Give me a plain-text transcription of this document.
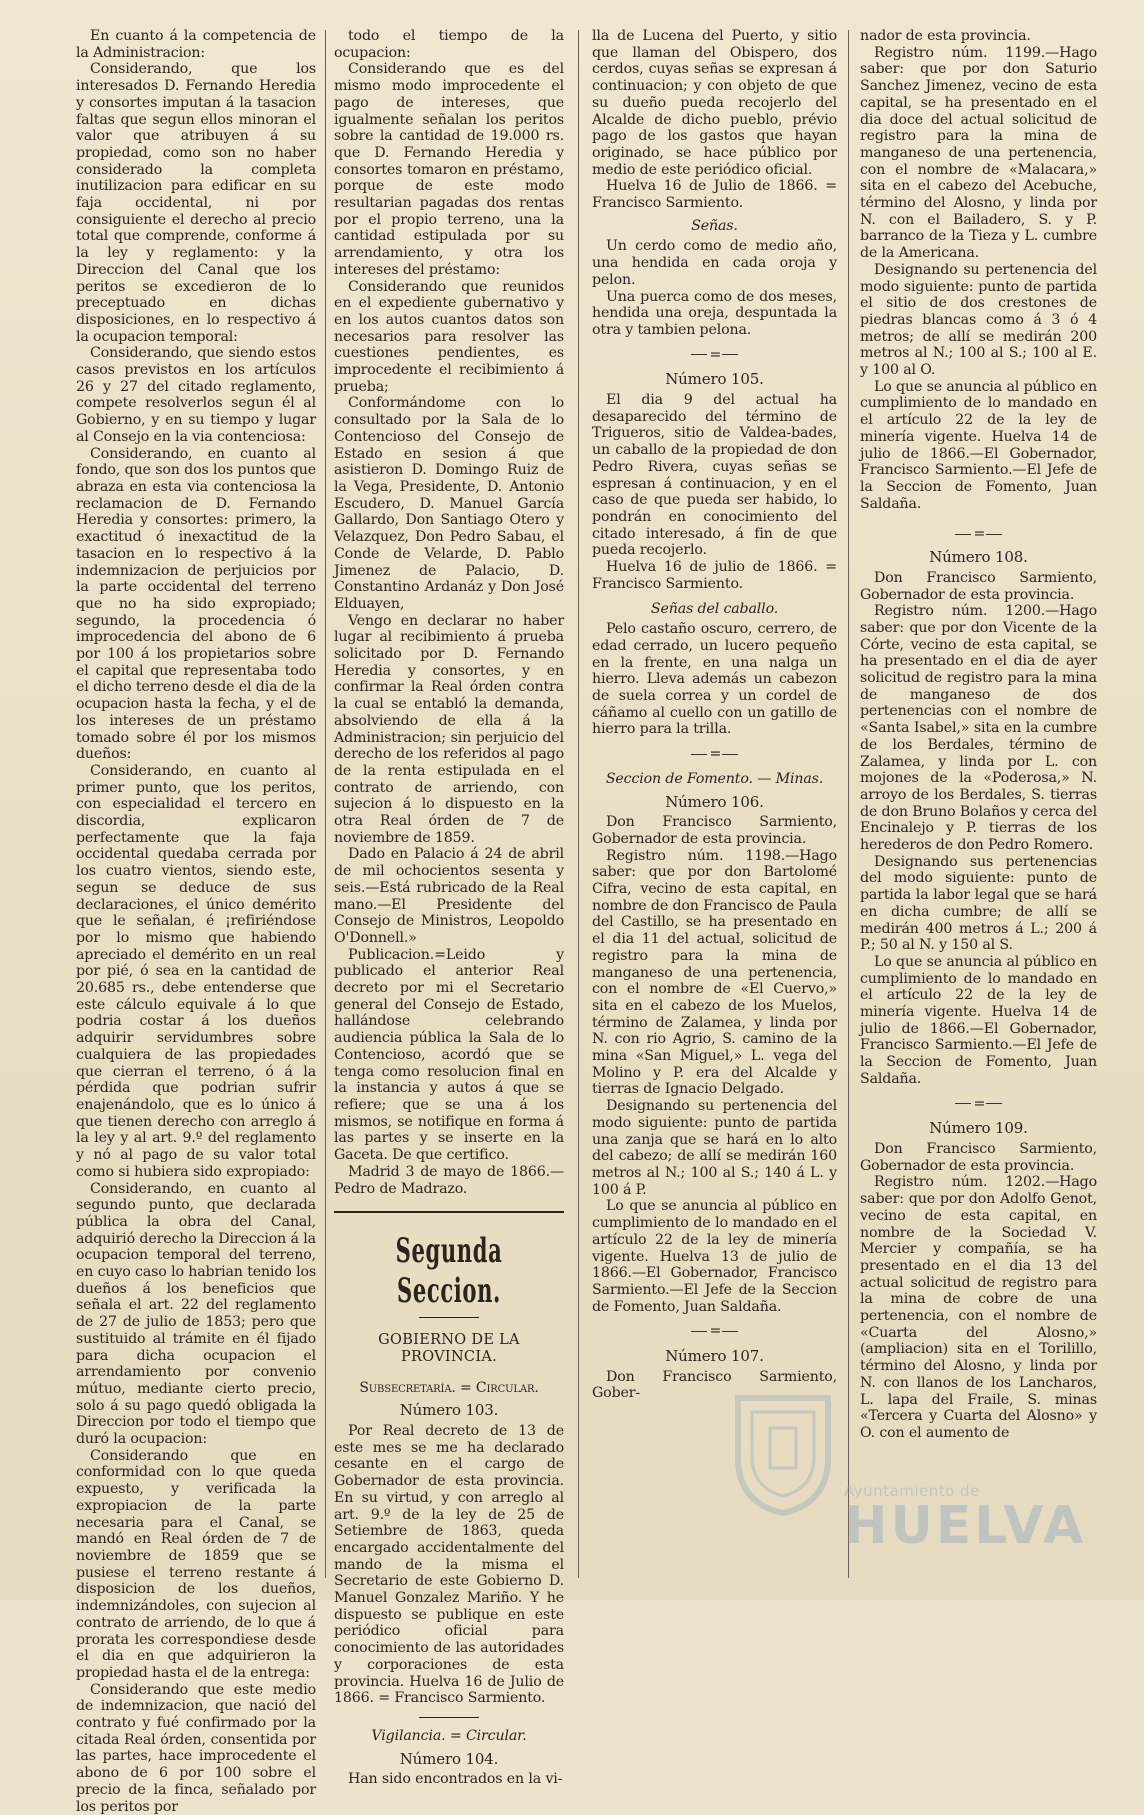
En cuanto á la competencia de la Administracion:

Considerando, que los interesados D. Fernando Heredia y consortes imputan á la tasacion faltas que segun ellos minoran el valor que atribuyen á su propiedad, como son no haber considerado la completa inutilizacion para edificar en su faja occidental, ni por consiguiente el derecho al precio total que comprende, conforme á la ley y reglamento: y la Direccion del Canal que los peritos se excedieron de lo preceptuado en dichas disposiciones, en lo respectivo á la ocupacion temporal:

Considerando, que siendo estos casos previstos en los artículos 26 y 27 del citado reglamento, compete resolverlos segun él al Gobierno, y en su tiempo y lugar al Consejo en la via contenciosa:

Considerando, en cuanto al fondo, que son dos los puntos que abraza en esta via contenciosa la reclamacion de D. Fernando Heredia y consortes: primero, la exactitud ó inexactitud de la tasacion en lo respectivo á la indemnizacion de perjuicios por la parte occidental del terreno que no ha sido expropiado; segundo, la procedencia ó improcedencia del abono de 6 por 100 á los propietarios sobre el capital que representaba todo el dicho terreno desde el dia de la ocupacion hasta la fecha, y el de los intereses de un préstamo tomado sobre él por los mismos dueños:

Considerando, en cuanto al primer punto, que los peritos, con especialidad el tercero en discordia, explicaron perfectamente que la faja occidental quedaba cerrada por los cuatro vientos, siendo este, segun se deduce de sus declaraciones, el único demérito que le señalan, é ¡refiriéndose por lo mismo que habiendo apreciado el demérito en un real por pié, ó sea en la cantidad de 20.685 rs., debe entenderse que este cálculo equivale á lo que podria costar á los dueños adquirir servidumbres sobre cualquiera de las propiedades que cierran el terreno, ó á la pérdida que podrian sufrir enajenándolo, que es lo único á que tienen derecho con arreglo á la ley y al art. 9.º del reglamento y nó al pago de su valor total como si hubiera sido expropiado:

Considerando, en cuanto al segundo punto, que declarada pública la obra del Canal, adquirió derecho la Direccion á la ocupacion temporal del terreno, en cuyo caso lo habrian tenido los dueños á los beneficios que señala el art. 22 del reglamento de 27 de julio de 1853; pero que sustituido al trámite en él fijado para dicha ocupacion el arrendamiento por convenio mútuo, mediante cierto precio, solo á su pago quedó obligada la Direccion por todo el tiempo que duró la ocupacion:

Considerando que en conformidad con lo que queda expuesto, y verificada la expropiacion de la parte necesaria para el Canal, se mandó en Real órden de 7 de noviembre de 1859 que se pusiese el terreno restante á disposicion de los dueños, indemnizándoles, con sujecion al contrato de arriendo, de lo que á prorata les correspondiese desde el dia en que adquirieron la propiedad hasta el de la entrega:

Considerando que este medio de indemnizacion, que nació del contrato y fué confirmado por la citada Real órden, consentida por las partes, hace improcedente el abono de 6 por 100 sobre el precio de la finca, señalado por los peritos por

todo el tiempo de la ocupacion:

Considerando que es del mismo modo improcedente el pago de intereses, que igualmente señalan los peritos sobre la cantidad de 19.000 rs. que D. Fernando Heredia y consortes tomaron en préstamo, porque de este modo resultarian pagadas dos rentas por el propio terreno, una la cantidad estipulada por su arrendamiento, y otra los intereses del préstamo:

Considerando que reunidos en el expediente gubernativo y en los autos cuantos datos son necesarios para resolver las cuestiones pendientes, es improcedente el recibimiento á prueba;

Conformándome con lo consultado por la Sala de lo Contencioso del Consejo de Estado en sesion á que asistieron D. Domingo Ruiz de la Vega, Presidente, D. Antonio Escudero, D. Manuel García Gallardo, Don Santiago Otero y Velazquez, Don Pedro Sabau, el Conde de Velarde, D. Pablo Jimenez de Palacio, D. Constantino Ardanáz y Don José Elduayen,

Vengo en declarar no haber lugar al recibimiento á prueba solicitado por D. Fernando Heredia y consortes, y en confirmar la Real órden contra la cual se entabló la demanda, absolviendo de ella á la Administracion; sin perjuicio del derecho de los referidos al pago de la renta estipulada en el contrato de arriendo, con sujecion á lo dispuesto en la otra Real órden de 7 de noviembre de 1859.

Dado en Palacio á 24 de abril de mil ochocientos sesenta y seis.—Está rubricado de la Real mano.—El Presidente del Consejo de Ministros, Leopoldo O'Donnell.»

Publicacion.=Leido y publicado el anterior Real decreto por mi el Secretario general del Consejo de Estado, hallándose celebrando audiencia pública la Sala de lo Contencioso, acordó que se tenga como resolucion final en la instancia y autos á que se refiere; que se una á los mismos, se notifique en forma á las partes y se inserte en la Gaceta. De que certifico.

Madrid 3 de mayo de 1866.—Pedro de Madrazo.

Segunda Seccion.
GOBIERNO DE LA PROVINCIA.
Subsecretaría. = Circular.
Número 103.

Por Real decreto de 13 de este mes se me ha declarado cesante en el cargo de Gobernador de esta provincia. En su virtud, y con arreglo al art. 9.º de la ley de 25 de Setiembre de 1863, queda encargado accidentalmente del mando de la misma el Secretario de este Gobierno D. Manuel Gonzalez Mariño. Y he dispuesto se publique en este periódico oficial para conocimiento de las autoridades y corporaciones de esta provincia. Huelva 16 de Julio de 1866. = Francisco Sarmiento.

Vigilancia. = Circular.
Número 104.

Han sido encontrados en la vi-

lla de Lucena del Puerto, y sitio que llaman del Obispero, dos cerdos, cuyas señas se expresan á continuacion; y con objeto de que su dueño pueda recojerlo del Alcalde de dicho pueblo, prévio pago de los gastos que hayan originado, se hace público por medio de este periódico oficial.

Huelva 16 de Julio de 1866. = Francisco Sarmiento.

Señas.

Un cerdo como de medio año, una hendida en cada oroja y pelon.

Una puerca como de dos meses, hendida una oreja, despuntada la otra y tambien pelona.

=
Número 105.

El dia 9 del actual ha desaparecido del término de Trigueros, sitio de Valdea-bades, un caballo de la propiedad de don Pedro Rivera, cuyas señas se espresan á continuacion, y en el caso de que pueda ser habido, lo pondrán en conocimiento del citado interesado, á fin de que pueda recojerlo.

Huelva 16 de julio de 1866. = Francisco Sarmiento.

Señas del caballo.

Pelo castaño oscuro, cerrero, de edad cerrado, un lucero pequeño en la frente, en una nalga un hierro. Lleva además un cabezon de suela correa y un cordel de cáñamo al cuello con un gatillo de hierro para la trilla.

=
Seccion de Fomento. — Minas.
Número 106.

Don Francisco Sarmiento, Gobernador de esta provincia.

Registro núm. 1198.—Hago saber: que por don Bartolomé Cifra, vecino de esta capital, en nombre de don Francisco de Paula del Castillo, se ha presentado en el dia 11 del actual, solicitud de registro para la mina de manganeso de una pertenencia, con el nombre de «El Cuervo,» sita en el cabezo de los Muelos, término de Zalamea, y linda por N. con rio Agrio, S. camino de la mina «San Miguel,» L. vega del Molino y P. era del Alcalde y tierras de Ignacio Delgado.

Designando su pertenencia del modo siguiente: punto de partida una zanja que se hará en lo alto del cabezo; de allí se medirán 160 metros al N.; 100 al S.; 140 á L. y 100 á P.

Lo que se anuncia al público en cumplimiento de lo mandado en el artículo 22 de la ley de minería vigente. Huelva 13 de julio de 1866.—El Gobernador, Francisco Sarmiento.—El Jefe de la Seccion de Fomento, Juan Saldaña.

=
Número 107.

Don Francisco Sarmiento, Gober-

nador de esta provincia.

Registro núm. 1199.—Hago saber: que por don Saturio Sanchez Jimenez, vecino de esta capital, se ha presentado en el dia doce del actual solicitud de registro para la mina de manganeso de una pertenencia, con el nombre de «Malacara,» sita en el cabezo del Acebuche, término del Alosno, y linda por N. con el Bailadero, S. y P. barranco de la Tieza y L. cumbre de la Americana.

Designando su pertenencia del modo siguiente: punto de partida el sitio de dos crestones de piedras blancas como á 3 ó 4 metros; de allí se medirán 200 metros al N.; 100 al S.; 100 al E. y 100 al O.

Lo que se anuncia al público en cumplimiento de lo mandado en el artículo 22 de la ley de minería vigente. Huelva 14 de julio de 1866.—El Gobernador, Francisco Sarmiento.—El Jefe de la Seccion de Fomento, Juan Saldaña.

=
Número 108.

Don Francisco Sarmiento, Gobernador de esta provincia.

Registro núm. 1200.—Hago saber: que por don Vicente de la Córte, vecino de esta capital, se ha presentado en el dia de ayer solicitud de registro para la mina de manganeso de dos pertenencias con el nombre de «Santa Isabel,» sita en la cumbre de los Berdales, término de Zalamea, y linda por L. con mojones de la «Poderosa,» N. arroyo de los Berdales, S. tierras de don Bruno Bolaños y cerca del Encinalejo y P. tierras de los herederos de don Pedro Romero.

Designando sus pertenencias del modo siguiente: punto de partida la labor legal que se hará en dicha cumbre; de allí se medirán 400 metros á L.; 200 á P.; 50 al N. y 150 al S.

Lo que se anuncia al público en cumplimiento de lo mandado en el artículo 22 de la ley de minería vigente. Huelva 14 de julio de 1866.—El Gobernador, Francisco Sarmiento.—El Jefe de la Seccion de Fomento, Juan Saldaña.

=
Número 109.

Don Francisco Sarmiento, Gobernador de esta provincia.

Registro núm. 1202.—Hago saber: que por don Adolfo Genot, vecino de esta capital, en nombre de la Sociedad V. Mercier y compañía, se ha presentado en el dia 13 del actual solicitud de registro para la mina de cobre de una pertenencia, con el nombre de «Cuarta del Alosno,» (ampliacion) sita en el Torilillo, término del Alosno, y linda por N. con llanos de los Lancharos, L. lapa del Fraile, S. minas «Tercera y Cuarta del Alosno» y O. con el aumento de

Ayuntamiento de
HUELVA
